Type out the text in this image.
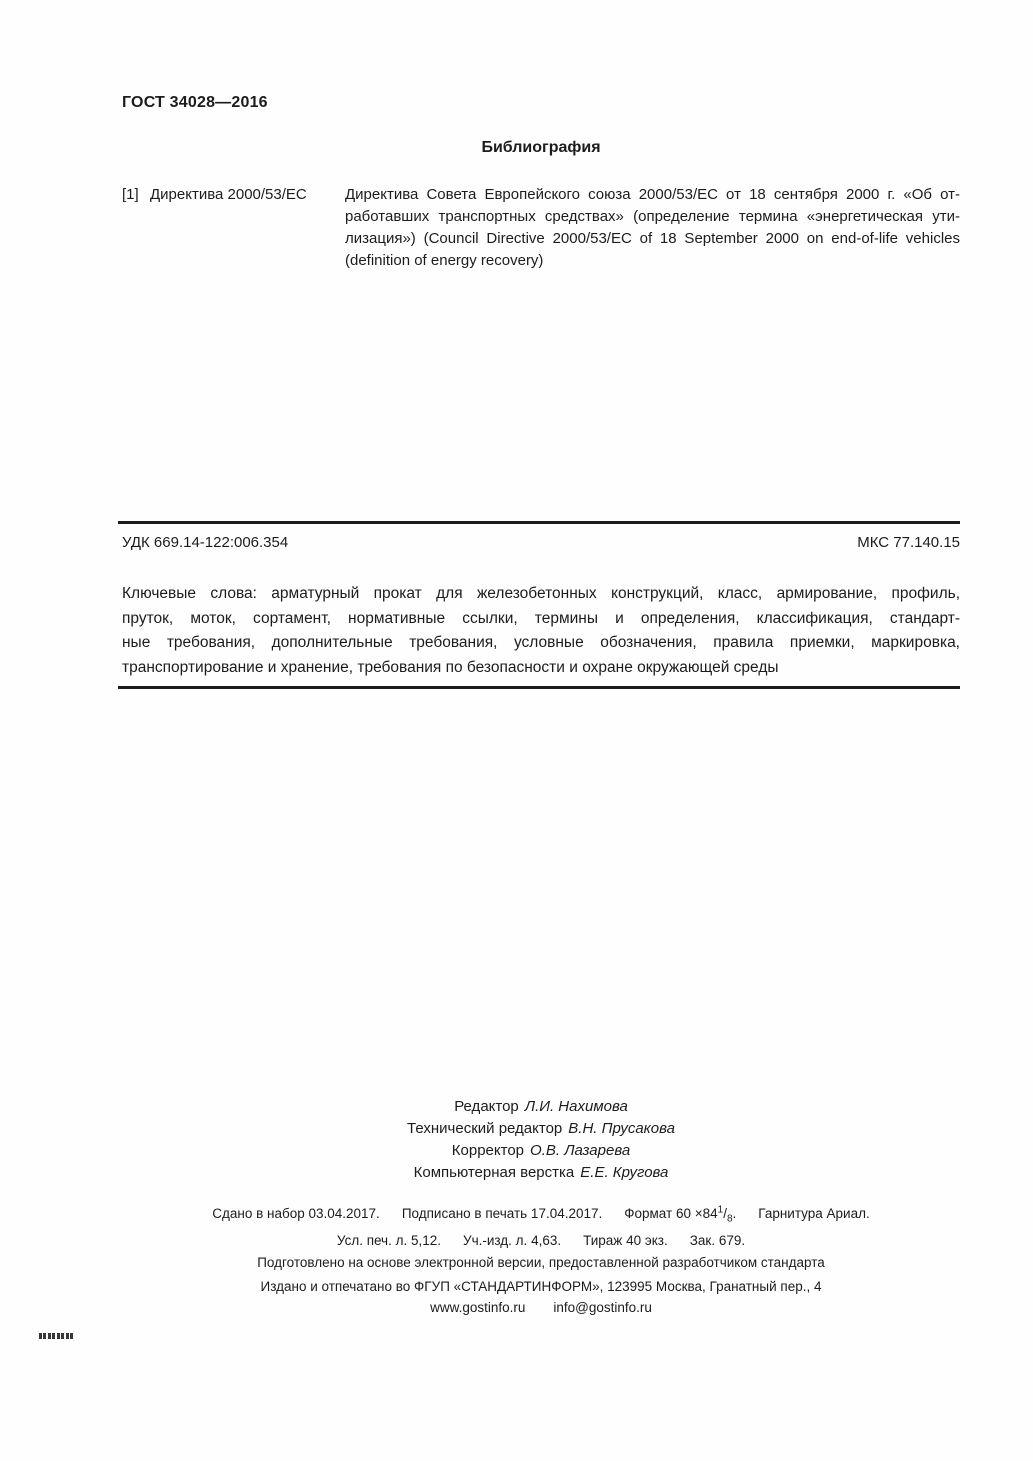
ГОСТ 34028—2016
Библиография
[1] Директива 2000/53/ЕС	Директива Совета Европейского союза 2000/53/ЕС от 18 сентября 2000 г. «Об от-
работавших транспортных средствах» (определение термина «энергетическая ути-
лизация») (Council Directive 2000/53/EC of 18 September 2000 on end-of-life vehicles
(definition of energy recovery)
УДК 669.14-122:006.354	МКС 77.140.15
Ключевые слова: арматурный прокат для железобетонных конструкций, класс, армирование, профиль,
пруток, моток, сортамент, нормативные ссылки, термины и определения, классификация, стандарт-
ные требования, дополнительные требования, условные обозначения, правила приемки, маркировка,
транспортирование и хранение, требования по безопасности и охране окружающей среды
Редактор Л.И. Нахимова
Технический редактор В.Н. Прусакова
Корректор О.В. Лазарева
Компьютерная верстка Е.Е. Кругова
Сдано в набор 03.04.2017. Подписано в печать 17.04.2017. Формат $60 \times 84^1/_8$. Гарнитура Ариал.
Усл. печ. л. 5,12. Уч.-изд. л. 4,63. Тираж 40 экз. Зак. 679.
Подготовлено на основе электронной версии, предоставленной разработчиком стандарта
Издано и отпечатано во ФГУП «СТАНДАРТИНФОРМ», 123995 Москва, Гранатный пер., 4
www.gostinfo.ru info@gostinfo.ru
